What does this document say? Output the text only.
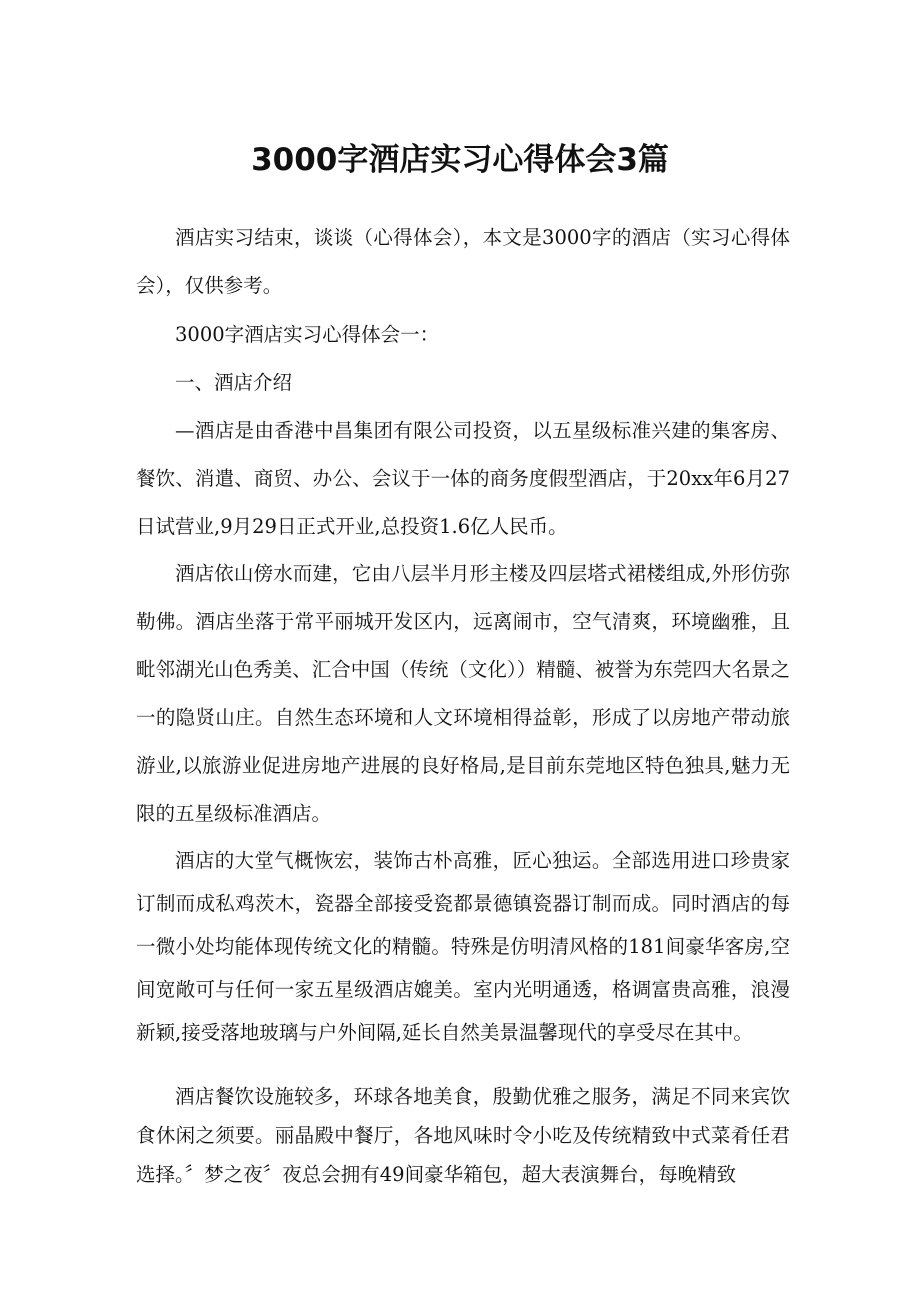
3000字酒店实习心得体会3篇

酒店实习结束，谈谈（心得体会），本文是3000字的酒店（实习心得体会），仅供参考。

3000字酒店实习心得体会一：

一、酒店介绍

—酒店是由香港中昌集团有限公司投资，以五星级标准兴建的集客房、餐饮、消遣、商贸、办公、会议于一体的商务度假型酒店，于20xx年6月27日试营业,9月29日正式开业,总投资1.6亿人民币。

酒店依山傍水而建，它由八层半月形主楼及四层塔式裙楼组成,外形仿弥勒佛。酒店坐落于常平丽城开发区内，远离闹市，空气清爽，环境幽雅，且毗邻湖光山色秀美、汇合中国（传统（文化））精髓、被誉为东莞四大名景之一的隐贤山庄。自然生态环境和人文环境相得益彰，形成了以房地产带动旅游业,以旅游业促进房地产进展的良好格局,是目前东莞地区特色独具,魅力无限的五星级标准酒店。

酒店的大堂气概恢宏，装饰古朴高雅，匠心独运。全部选用进口珍贵家订制而成私鸡茨木，瓷器全部接受瓷都景德镇瓷器订制而成。同时酒店的每一微小处均能体现传统文化的精髓。特殊是仿明清风格的181间豪华客房,空间宽敞可与任何一家五星级酒店媲美。室内光明通透，格调富贵高雅，浪漫新颖,接受落地玻璃与户外间隔,延长自然美景温馨现代的享受尽在其中。

酒店餐饮设施较多，环球各地美食，殷勤优雅之服务，满足不同来宾饮食休闲之须要。丽晶殿中餐厅，各地风味时令小吃及传统精致中式菜肴任君选择。〞梦之夜〞夜总会拥有49间豪华箱包，超大表演舞台，每晚精致
